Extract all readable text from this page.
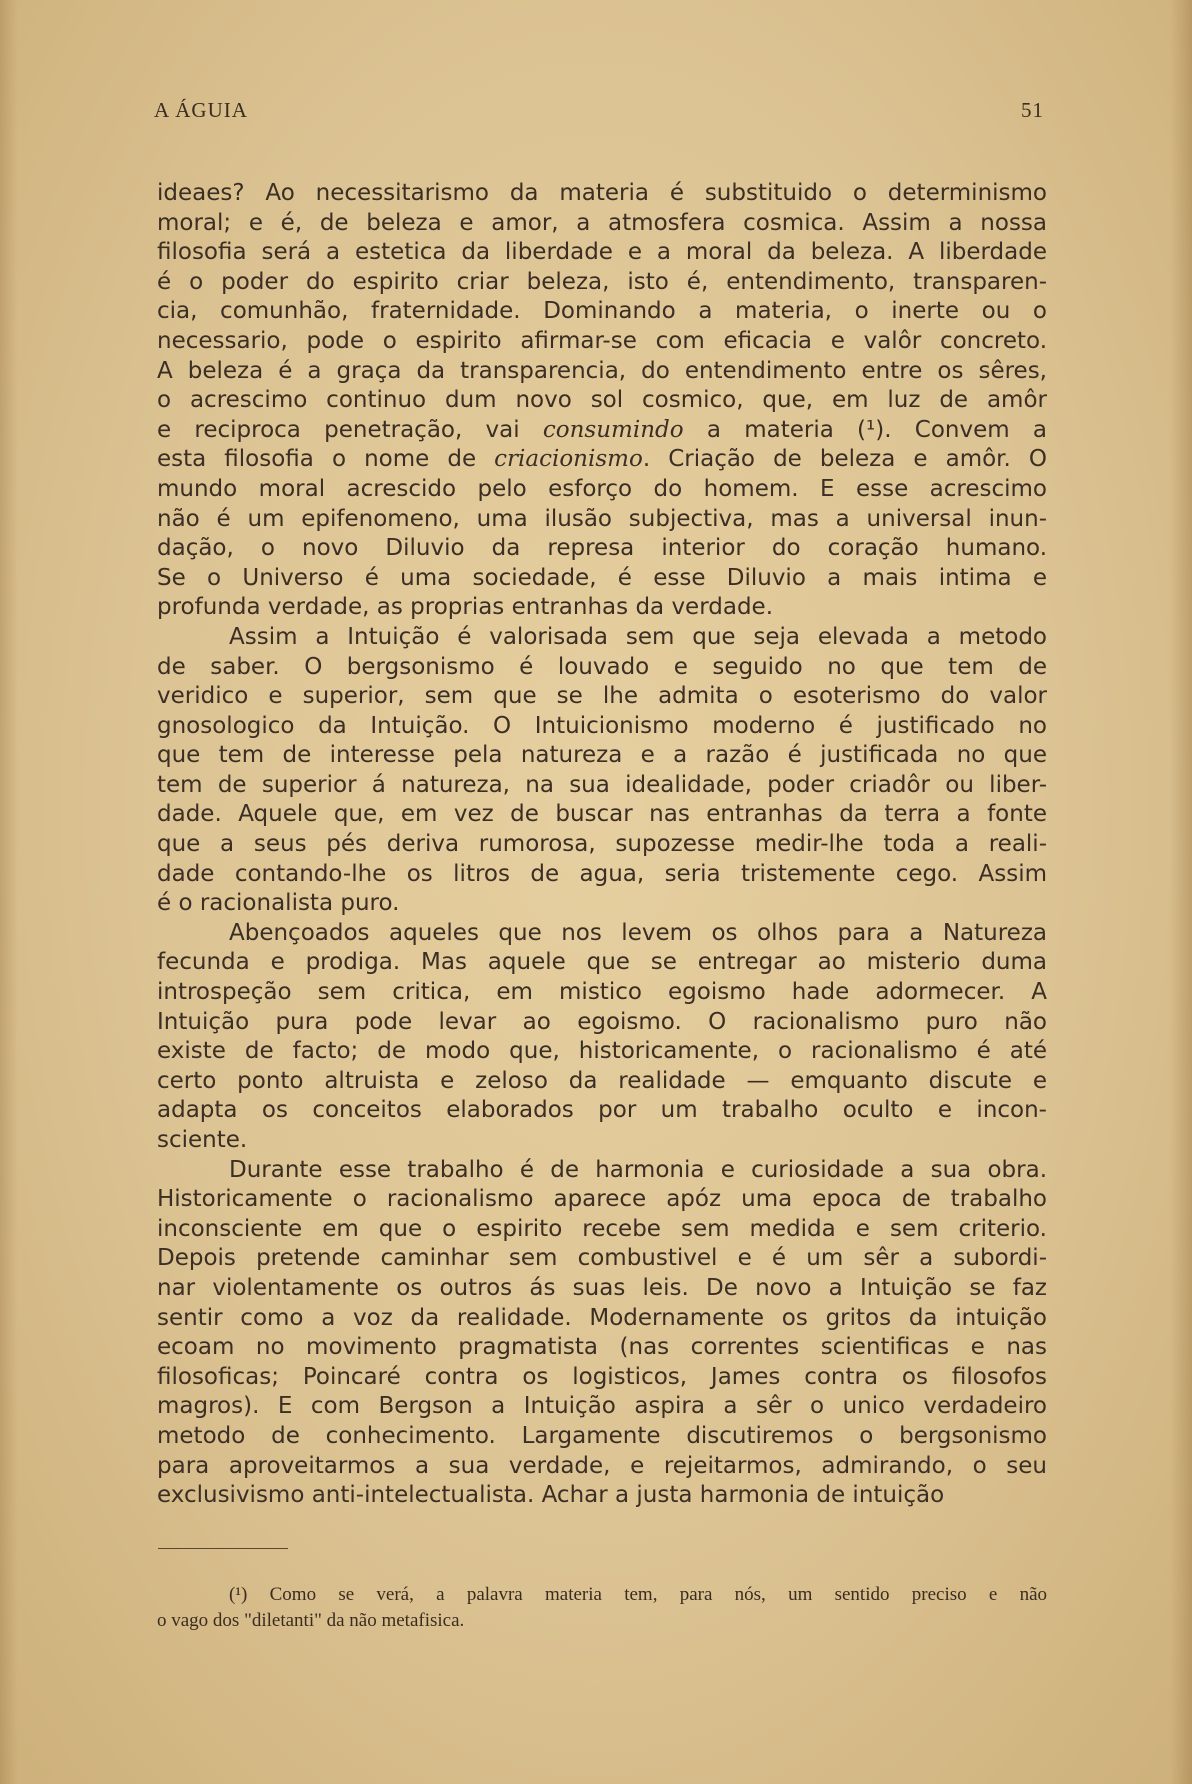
A ÁGUIA	51
ideaes? Ao necessitarismo da materia é substituido o determinismo
moral; e é, de beleza e amor, a atmosfera cosmica. Assim a nossa
filosofia será a estetica da liberdade e a moral da beleza. A liberdade
é o poder do espirito criar beleza, isto é, entendimento, transparen-
cia, comunhão, fraternidade. Dominando a materia, o inerte ou o
necessario, pode o espirito afirmar-se com eficacia e valôr concreto.
A beleza é a graça da transparencia, do entendimento entre os sêres,
o acrescimo continuo dum novo sol cosmico, que, em luz de amôr
e reciproca penetração, vai consumindo a materia (¹). Convem a
esta filosofia o nome de criacionismo. Criação de beleza e amôr. O
mundo moral acrescido pelo esforço do homem. E esse acrescimo
não é um epifenomeno, uma ilusão subjectiva, mas a universal inun-
dação, o novo Diluvio da represa interior do coração humano.
Se o Universo é uma sociedade, é esse Diluvio a mais intima e
profunda verdade, as proprias entranhas da verdade.
Assim a Intuição é valorisada sem que seja elevada a metodo
de saber. O bergsonismo é louvado e seguido no que tem de
veridico e superior, sem que se lhe admita o esoterismo do valor
gnosologico da Intuição. O Intuicionismo moderno é justificado no
que tem de interesse pela natureza e a razão é justificada no que
tem de superior á natureza, na sua idealidade, poder criadôr ou liber-
dade. Aquele que, em vez de buscar nas entranhas da terra a fonte
que a seus pés deriva rumorosa, supozesse medir-lhe toda a reali-
dade contando-lhe os litros de agua, seria tristemente cego. Assim
é o racionalista puro.
Abençoados aqueles que nos levem os olhos para a Natureza
fecunda e prodiga. Mas aquele que se entregar ao misterio duma
introspeção sem critica, em mistico egoismo hade adormecer. A
Intuição pura pode levar ao egoismo. O racionalismo puro não
existe de facto; de modo que, historicamente, o racionalismo é até
certo ponto altruista e zeloso da realidade — emquanto discute e
adapta os conceitos elaborados por um trabalho oculto e incon-
sciente.
Durante esse trabalho é de harmonia e curiosidade a sua obra.
Historicamente o racionalismo aparece apóz uma epoca de trabalho
inconsciente em que o espirito recebe sem medida e sem criterio.
Depois pretende caminhar sem combustivel e é um sêr a subordi-
nar violentamente os outros ás suas leis. De novo a Intuição se faz
sentir como a voz da realidade. Modernamente os gritos da intuição
ecoam no movimento pragmatista (nas correntes scientificas e nas
filosoficas; Poincaré contra os logisticos, James contra os filosofos
magros). E com Bergson a Intuição aspira a sêr o unico verdadeiro
metodo de conhecimento. Largamente discutiremos o bergsonismo
para aproveitarmos a sua verdade, e rejeitarmos, admirando, o seu
exclusivismo anti-intelectualista. Achar a justa harmonia de intuição
(¹) Como se verá, a palavra materia tem, para nós, um sentido preciso e não
o vago dos "diletanti" da não metafisica.
